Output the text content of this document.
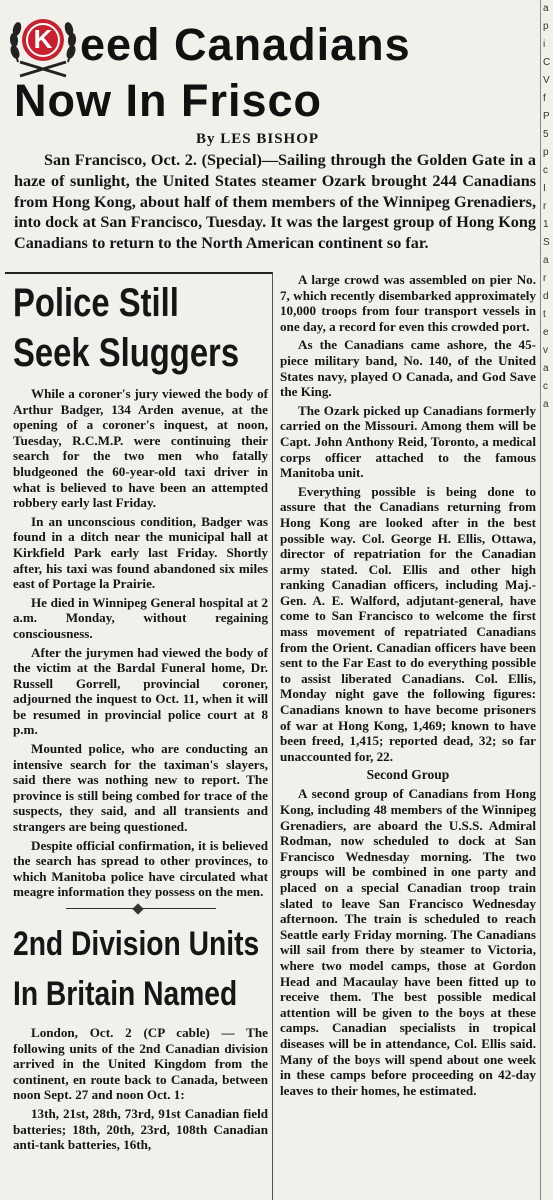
K
a
p
i
C
V
f
P
5
p
c
I
r
1
S
a
r
d
t
e
v
a
c
a
eed Canadians
Now In Frisco
By LES BISHOP
San Francisco, Oct. 2. (Special)—Sailing through the Golden Gate in a haze of sunlight, the United States steamer Ozark brought 244 Canadians from Hong Kong, about half of them members of the Winnipeg Grenadiers, into dock at San Francisco, Tuesday. It was the largest group of Hong Kong Canadians to return to the North American continent so far.
Police Still
Seek Sluggers

While a coroner's jury viewed the body of Arthur Badger, 134 Arden avenue, at the opening of a coroner's inquest, at noon, Tuesday, R.C.M.P. were continuing their search for the two men who fatally bludgeoned the 60-year-old taxi driver in what is believed to have been an attempted robbery early last Friday.

In an unconscious condition, Badger was found in a ditch near the municipal hall at Kirkfield Park early last Friday. Shortly after, his taxi was found abandoned six miles east of Portage la Prairie.

He died in Winnipeg General hospital at 2 a.m. Monday, without regaining consciousness.

After the jurymen had viewed the body of the victim at the Bardal Funeral home, Dr. Russell Gorrell, provincial coroner, adjourned the inquest to Oct. 11, when it will be resumed in provincial police court at 8 p.m.

Mounted police, who are conducting an intensive search for the taximan's slayers, said there was nothing new to report. The province is still being combed for trace of the suspects, they said, and all transients and strangers are being questioned.

Despite official confirmation, it is believed the search has spread to other provinces, to which Manitoba police have circulated what meagre information they possess on the men.

2nd Division Units
In Britain Named

London, Oct. 2 (CP cable) — The following units of the 2nd Canadian division arrived in the United Kingdom from the continent, en route back to Canada, between noon Sept. 27 and noon Oct. 1:

13th, 21st, 28th, 73rd, 91st Canadian field batteries; 18th, 20th, 23rd, 108th Canadian anti-tank batteries, 16th,

A large crowd was assembled on pier No. 7, which recently disembarked approximately 10,000 troops from four transport vessels in one day, a record for even this crowded port.

As the Canadians came ashore, the 45-piece military band, No. 140, of the United States navy, played O Canada, and God Save the King.

The Ozark picked up Canadians formerly carried on the Missouri. Among them will be Capt. John Anthony Reid, Toronto, a medical corps officer attached to the famous Manitoba unit.

Everything possible is being done to assure that the Canadians returning from Hong Kong are looked after in the best possible way. Col. George H. Ellis, Ottawa, director of repatriation for the Canadian army stated. Col. Ellis and other high ranking Canadian officers, including Maj.-Gen. A. E. Walford, adjutant-general, have come to San Francisco to welcome the first mass movement of repatriated Canadians from the Orient. Canadian officers have been sent to the Far East to do everything possible to assist liberated Canadians. Col. Ellis, Monday night gave the following figures: Canadians known to have become prisoners of war at Hong Kong, 1,469; known to have been freed, 1,415; reported dead, 32; so far unaccounted for, 22.

Second Group

A second group of Canadians from Hong Kong, including 48 members of the Winnipeg Grenadiers, are aboard the U.S.S. Admiral Rodman, now scheduled to dock at San Francisco Wednesday morning. The two groups will be combined in one party and placed on a special Canadian troop train slated to leave San Francisco Wednesday afternoon. The train is scheduled to reach Seattle early Friday morning. The Canadians will sail from there by steamer to Victoria, where two model camps, those at Gordon Head and Macaulay have been fitted up to receive them. The best possible medical attention will be given to the boys at these camps. Canadian specialists in tropical diseases will be in attendance, Col. Ellis said. Many of the boys will spend about one week in these camps before proceeding on 42-day leaves to their homes, he estimated.
